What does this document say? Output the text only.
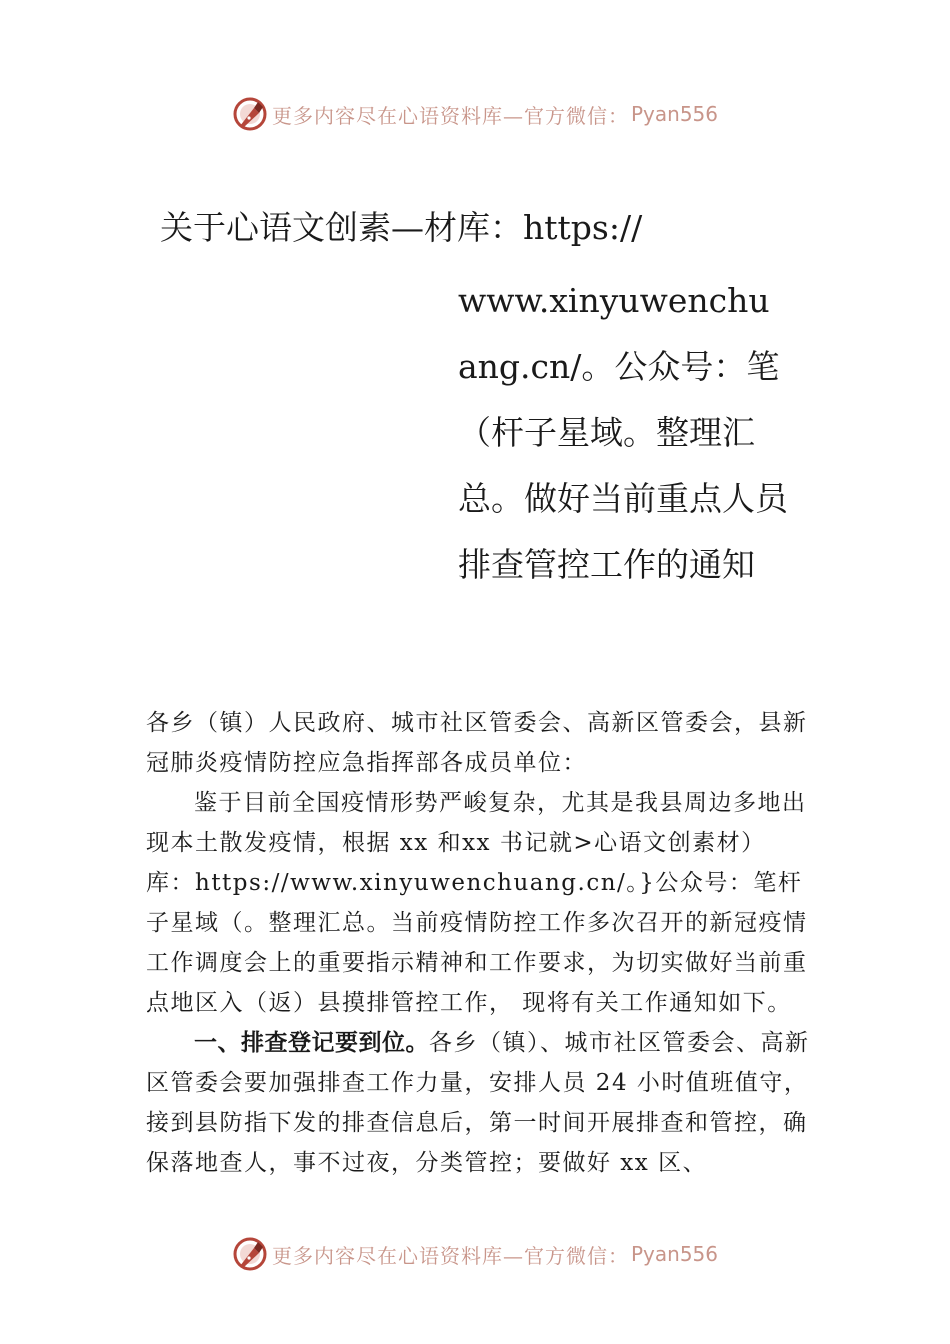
更多内容尽在心语资料库—官方微信： Pyan556
关于心语文创素—材库：https://
www.xinyuwenchuang.cn/。公众号：笔（杆子星域。整理汇总。做好当前重点人员排查管控工作的通知

各乡（镇）人民政府、城市社区管委会、高新区管委会，县新冠肺炎疫情防控应急指挥部各成员单位：

鉴于目前全国疫情形势严峻复杂，尤其是我县周边多地出现本土散发疫情，根据 xx 和xx 书记就>心语文创素材）库：https://www.xinyuwenchuang.cn/。}公众号：笔杆子星域（。整理汇总。当前疫情防控工作多次召开的新冠疫情工作调度会上的重要指示精神和工作要求，为切实做好当前重点地区入（返）县摸排管控工作， 现将有关工作通知如下。

一、排查登记要到位。各乡（镇）、城市社区管委会、高新区管委会要加强排查工作力量，安排人员 24 小时值班值守，接到县防指下发的排查信息后，第一时间开展排查和管控，确保落地查人，事不过夜，分类管控；要做好 xx 区、

更多内容尽在心语资料库—官方微信： Pyan556
